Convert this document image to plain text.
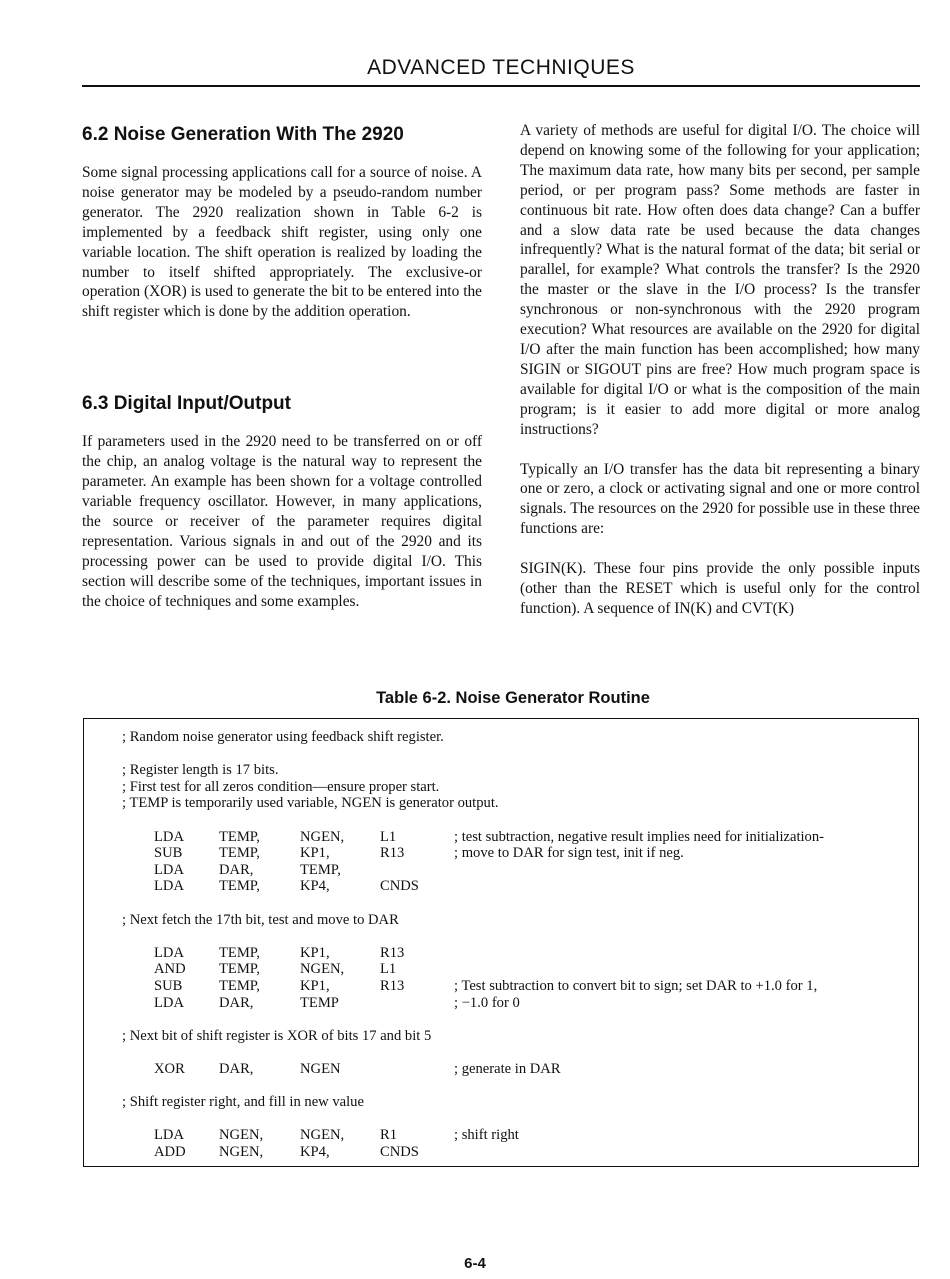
ADVANCED TECHNIQUES
6.2 Noise Generation With The 2920

Some signal processing applications call for a source of noise. A noise generator may be modeled by a pseudo-random number generator. The 2920 realization shown in Table 6-2 is implemented by a feedback shift register, using only one variable location. The shift operation is realized by loading the number to itself shifted appropriately. The exclusive-or operation (XOR) is used to generate the bit to be entered into the shift register which is done by the addition operation.

6.3 Digital Input/Output

If parameters used in the 2920 need to be transferred on or off the chip, an analog voltage is the natural way to represent the parameter. An example has been shown for a voltage controlled variable frequency oscillator. However, in many applications, the source or receiver of the parameter requires digital representation. Various signals in and out of the 2920 and its processing power can be used to provide digital I/O. This section will describe some of the techniques, important issues in the choice of techniques and some examples.

A variety of methods are useful for digital I/O. The choice will depend on knowing some of the following for your application; The maximum data rate, how many bits per second, per sample period, or per program pass? Some methods are faster in continuous bit rate. How often does data change? Can a buffer and a slow data rate be used because the data changes infrequently? What is the natural format of the data; bit serial or parallel, for example? What controls the transfer? Is the 2920 the master or the slave in the I/O process? Is the transfer synchronous or non-synchronous with the 2920 program execution? What resources are available on the 2920 for digital I/O after the main function has been accomplished; how many SIGIN or SIGOUT pins are free? How much program space is available for digital I/O or what is the composition of the main program; is it easier to add more digital or more analog instructions?

Typically an I/O transfer has the data bit representing a binary one or zero, a clock or activating signal and one or more control signals. The resources on the 2920 for possible use in these three functions are:

SIGIN(K). These four pins provide the only possible inputs (other than the RESET which is useful only for the control function). A sequence of IN(K) and CVT(K)

Table 6-2. Noise Generator Routine
; Random noise generator using feedback shift register.
; Register length is 17 bits.
; First test for all zeros condition—ensure proper start.
; TEMP is temporarily used variable, NGEN is generator output.
LDA TEMP,	NGEN, L1	; test subtraction, negative result implies need for initialization-
SUB	TEMP,	KP1,	R13	; move to DAR for sign test, init if neg.
LDA DAR,	TEMP,
LDA TEMP,	KP4,	CNDS
; Next fetch the 17th bit, test and move to DAR
LDA TEMP,	KP1,	R13
AND TEMP,	NGEN, L1
SUB	TEMP,	KP1,	R13	; Test subtraction to convert bit to sign; set DAR to +1.0 for 1,
LDA DAR,	TEMP	; −1.0 for 0
; Next bit of shift register is XOR of bits 17 and bit 5
XOR DAR,	NGEN	; generate in DAR
; Shift register right, and fill in new value
LDA NGEN,	NGEN, R1	; shift right
ADD NGEN,	KP4,	CNDS
6-4
